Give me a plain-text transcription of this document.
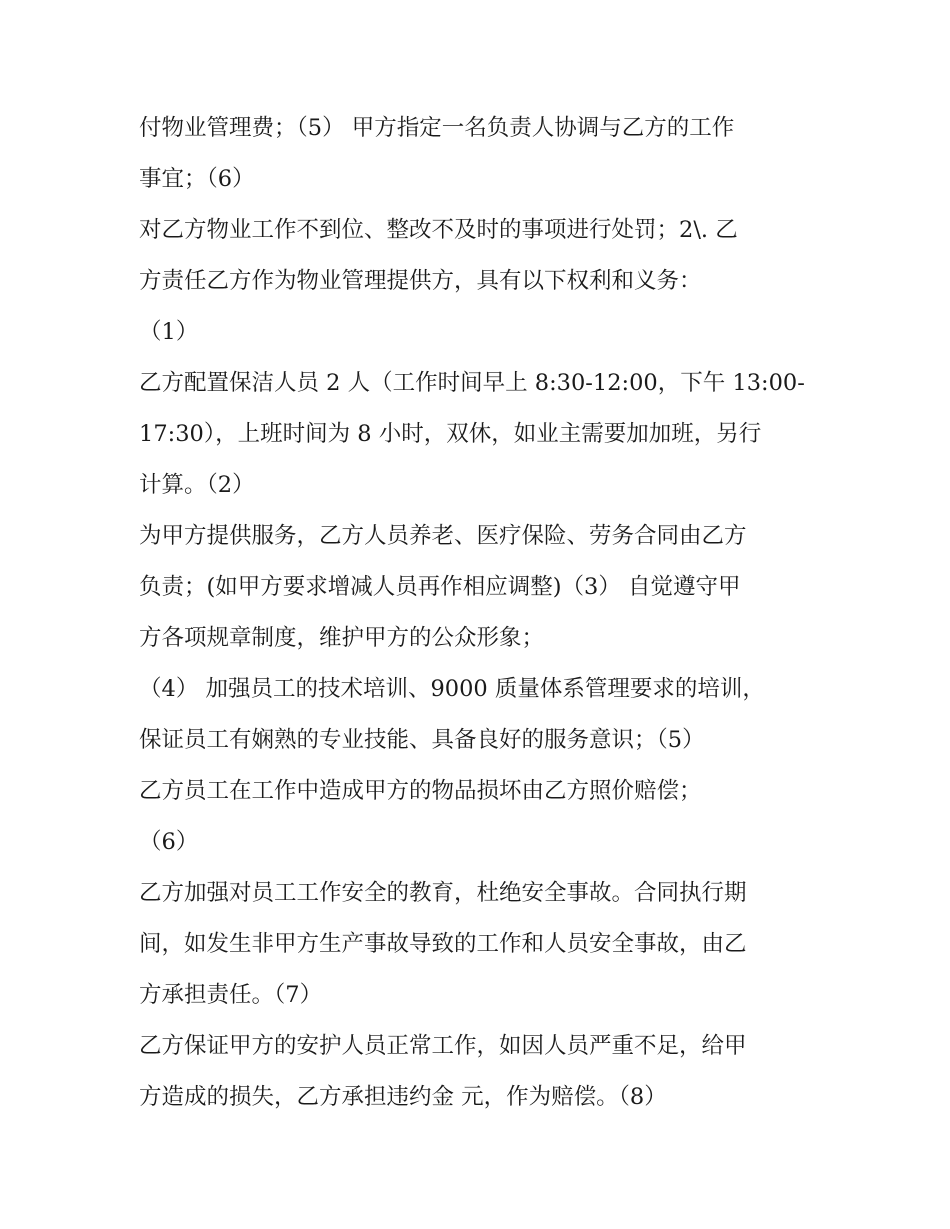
付物业管理费；（5） 甲方指定一名负责人协调与乙方的工作

事宜；（6）

对乙方物业工作不到位、整改不及时的事项进行处罚；2\. 乙

方责任乙方作为物业管理提供方，具有以下权利和义务：

（1）

乙方配置保洁人员 2 人（工作时间早上 8:30-12:00，下午 13:00-

17:30），上班时间为 8 小时，双休，如业主需要加加班，另行

计算。（2）

为甲方提供服务，乙方人员养老、医疗保险、劳务合同由乙方

负责；(如甲方要求增减人员再作相应调整)（3） 自觉遵守甲

方各项规章制度，维护甲方的公众形象；

（4） 加强员工的技术培训、9000 质量体系管理要求的培训，

保证员工有娴熟的专业技能、具备良好的服务意识；（5）

乙方员工在工作中造成甲方的物品损坏由乙方照价赔偿；

（6）

乙方加强对员工工作安全的教育，杜绝安全事故。合同执行期

间，如发生非甲方生产事故导致的工作和人员安全事故，由乙

方承担责任。（7）

乙方保证甲方的安护人员正常工作，如因人员严重不足，给甲

方造成的损失，乙方承担违约金 元，作为赔偿。（8）
